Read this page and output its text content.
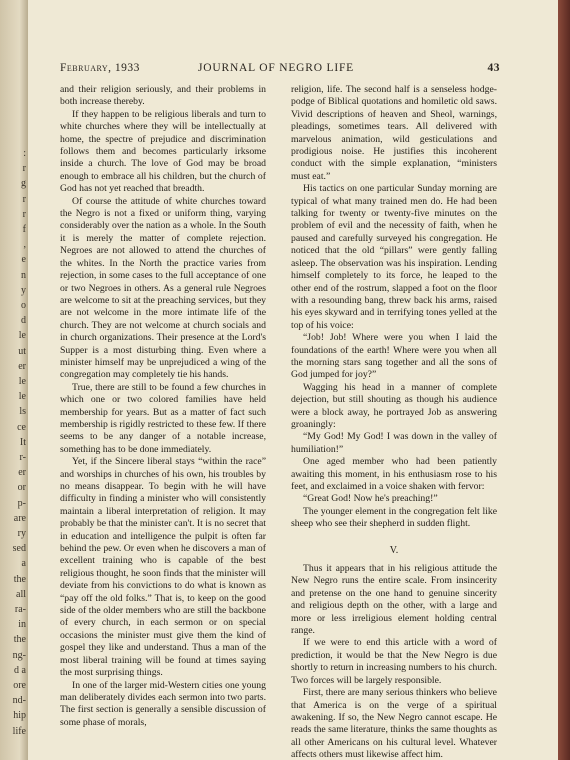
:
r
g
r
r
f
,
e
n
y
o
d
le
ut
er
le
le
ls
ce
It
r-
er
or
p-
are
ry
sed
a
the
all
ra-
in
the
ng-
d a
ore
nd-
hip
life
February, 1933	JOURNAL OF NEGRO LIFE	43

and their religion seriously, and their problems in both increase thereby.

If they happen to be religious liberals and turn to white churches where they will be intellectually at home, the spectre of prejudice and discrimination follows them and becomes particularly irksome inside a church. The love of God may be broad enough to embrace all his children, but the church of God has not yet reached that breadth.

Of course the attitude of white churches toward the Negro is not a fixed or uniform thing, varying considerably over the nation as a whole. In the South it is merely the matter of complete rejection. Negroes are not allowed to attend the churches of the whites. In the North the practice varies from rejection, in some cases to the full acceptance of one or two Negroes in others. As a general rule Negroes are welcome to sit at the preaching services, but they are not welcome in the more intimate life of the church. They are not welcome at church socials and in church organizations. Their presence at the Lord's Supper is a most disturbing thing. Even where a minister himself may be unprejudiced a wing of the congregation may completely tie his hands.

True, there are still to be found a few churches in which one or two colored families have held membership for years. But as a matter of fact such membership is rigidly restricted to these few. If there seems to be any danger of a notable increase, something has to be done immediately.

Yet, if the Sincere liberal stays “within the race” and worships in churches of his own, his troubles by no means disappear. To begin with he will have difficulty in finding a minister who will consistently maintain a liberal interpretation of religion. It may probably be that the minister can't. It is no secret that in education and intelligence the pulpit is often far behind the pew. Or even when he discovers a man of excellent training who is capable of the best religious thought, he soon finds that the minister will deviate from his convictions to do what is known as “pay off the old folks.” That is, to keep on the good side of the older members who are still the backbone of every church, in each sermon or on special occasions the minister must give them the kind of gospel they like and understand. Thus a man of the most liberal training will be found at times saying the most surprising things.

In one of the larger mid-Western cities one young man deliberately divides each sermon into two parts. The first section is generally a sensible discussion of some phase of morals,

religion, life. The second half is a senseless hodge-podge of Biblical quotations and homiletic old saws. Vivid descriptions of heaven and Sheol, warnings, pleadings, sometimes tears. All delivered with marvelous animation, wild gesticulations and prodigious noise. He justifies this incoherent conduct with the simple explanation, “ministers must eat.”

His tactics on one particular Sunday morning are typical of what many trained men do. He had been talking for twenty or twenty-five minutes on the problem of evil and the necessity of faith, when he paused and carefully surveyed his congregation. He noticed that the old “pillars” were gently falling asleep. The observation was his inspiration. Lending himself completely to its force, he leaped to the other end of the rostrum, slapped a foot on the floor with a resounding bang, threw back his arms, raised his eyes skyward and in terrifying tones yelled at the top of his voice:

“Job! Job! Where were you when I laid the foundations of the earth! Where were you when all the morning stars sang together and all the sons of God jumped for joy?”

Wagging his head in a manner of complete dejection, but still shouting as though his audience were a block away, he portrayed Job as answering groaningly:

“My God! My God! I was down in the valley of humiliation!”

One aged member who had been patiently awaiting this moment, in his enthusiasm rose to his feet, and exclaimed in a voice shaken with fervor:

“Great God! Now he's preaching!”

The younger element in the congregation felt like sheep who see their shepherd in sudden flight.

V.

Thus it appears that in his religious attitude the New Negro runs the entire scale. From insincerity and pretense on the one hand to genuine sincerity and religious depth on the other, with a large and more or less irreligious element holding central range.

If we were to end this article with a word of prediction, it would be that the New Negro is due shortly to return in increasing numbers to his church. Two forces will be largely responsible.

First, there are many serious thinkers who believe that America is on the verge of a spiritual awakening. If so, the New Negro cannot escape. He reads the same literature, thinks the same thoughts as all other Americans on his cultural level. Whatever affects others must likewise affect him.
